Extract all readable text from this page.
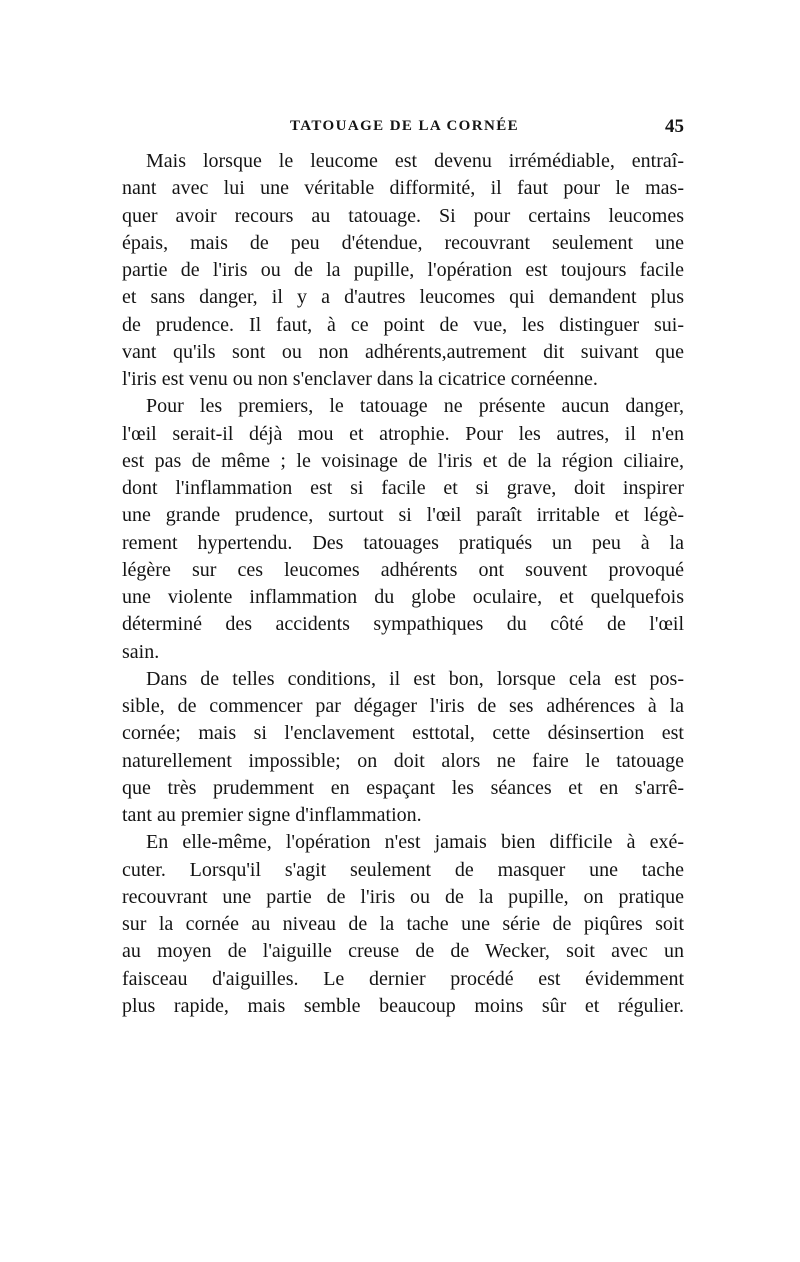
TATOUAGE DE LA CORNÉE	45
Mais lorsque le leucome est devenu irrémédiable, entraî-
nant avec lui une véritable difformité, il faut pour le mas-
quer avoir recours au tatouage. Si pour certains leucomes
épais, mais de peu d'étendue, recouvrant seulement une
partie de l'iris ou de la pupille, l'opération est toujours facile
et sans danger, il y a d'autres leucomes qui demandent plus
de prudence. Il faut, à ce point de vue, les distinguer sui-
vant qu'ils sont ou non adhérents,autrement dit suivant que
l'iris est venu ou non s'enclaver dans la cicatrice cornéenne.
Pour les premiers, le tatouage ne présente aucun danger,
l'œil serait-il déjà mou et atrophie. Pour les autres, il n'en
est pas de même ; le voisinage de l'iris et de la région ciliaire,
dont l'inflammation est si facile et si grave, doit inspirer
une grande prudence, surtout si l'œil paraît irritable et légè-
rement hypertendu. Des tatouages pratiqués un peu à la
légère sur ces leucomes adhérents ont souvent provoqué
une violente inflammation du globe oculaire, et quelquefois
déterminé des accidents sympathiques du côté de l'œil
sain.
Dans de telles conditions, il est bon, lorsque cela est pos-
sible, de commencer par dégager l'iris de ses adhérences à la
cornée; mais si l'enclavement esttotal, cette désinsertion est
naturellement impossible; on doit alors ne faire le tatouage
que très prudemment en espaçant les séances et en s'arrê-
tant au premier signe d'inflammation.
En elle-même, l'opération n'est jamais bien difficile à exé-
cuter. Lorsqu'il s'agit seulement de masquer une tache
recouvrant une partie de l'iris ou de la pupille, on pratique
sur la cornée au niveau de la tache une série de piqûres soit
au moyen de l'aiguille creuse de de Wecker, soit avec un
faisceau d'aiguilles. Le dernier procédé est évidemment
plus rapide, mais semble beaucoup moins sûr et régulier.
